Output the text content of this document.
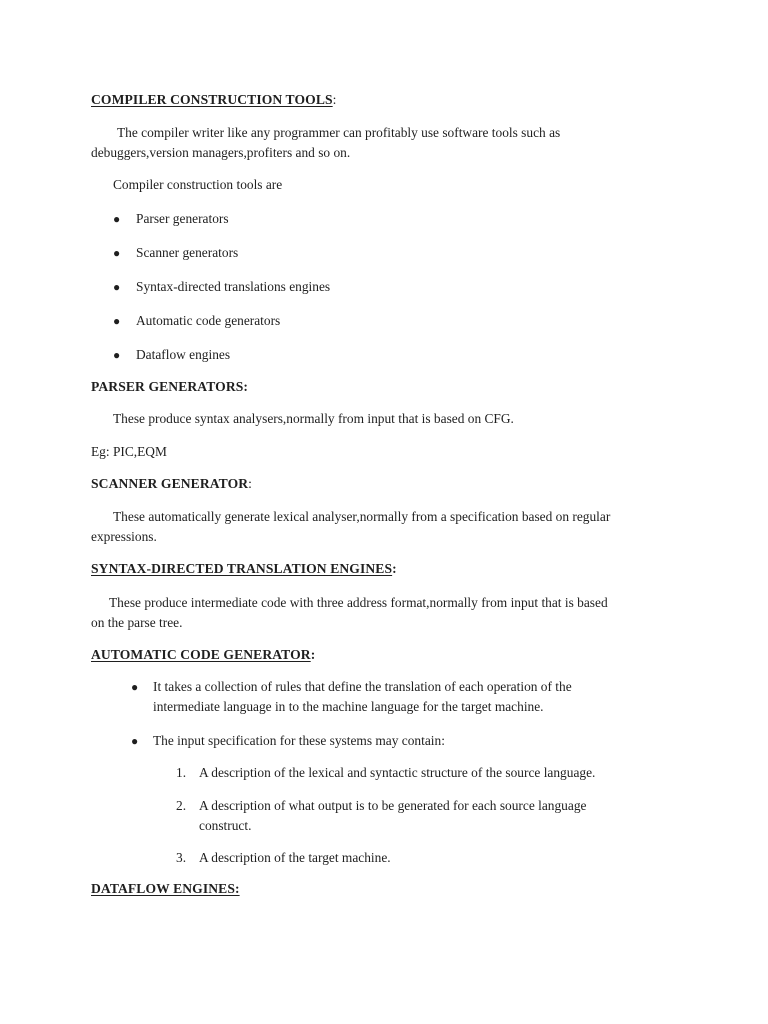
COMPILER CONSTRUCTION TOOLS:
The compiler writer like any programmer can profitably use software tools such as
debuggers,version managers,profiters and so on.
Compiler construction tools are
● Parser generators
● Scanner generators
● Syntax-directed translations engines
● Automatic code generators
● Dataflow engines
PARSER GENERATORS:
These produce syntax analysers,normally from input that is based on CFG.
Eg: PIC,EQM
SCANNER GENERATOR:
These automatically generate lexical analyser,normally from a specification based on regular
expressions.
SYNTAX-DIRECTED TRANSLATION ENGINES:
These produce intermediate code with three address format,normally from input that is based
on the parse tree.
AUTOMATIC CODE GENERATOR:
● It takes a collection of rules that define the translation of each operation of the
intermediate language in to the machine language for the target machine.
● The input specification for these systems may contain:
1. A description of the lexical and syntactic structure of the source language.
2. A description of what output is to be generated for each source language
construct.
3. A description of the target machine.
DATAFLOW ENGINES:
